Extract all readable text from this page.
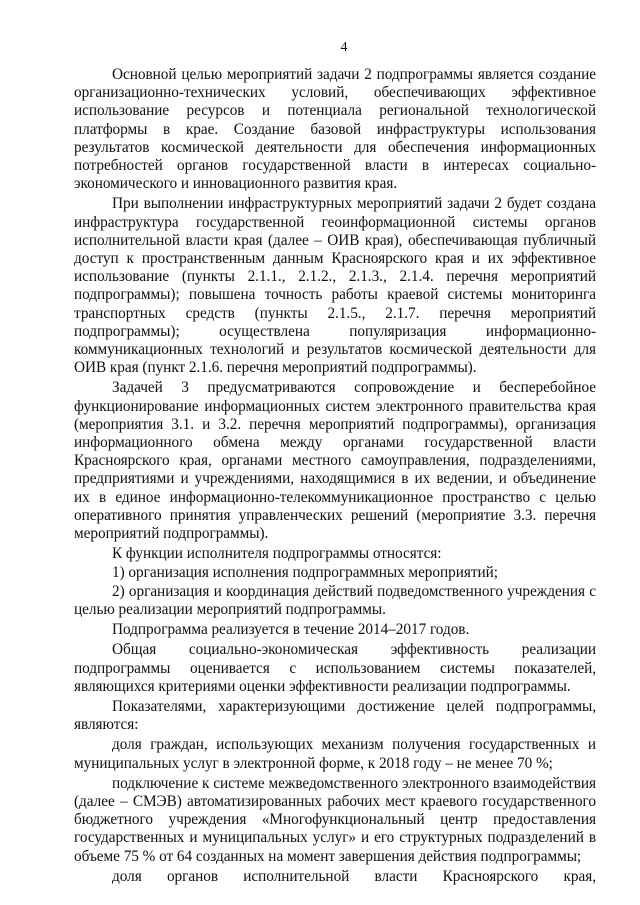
4

Основной целью мероприятий задачи 2 подпрограммы является создание организационно-технических условий, обеспечивающих эффективное использование ресурсов и потенциала региональной технологической платформы в крае. Создание базовой инфраструктуры использования результатов космической деятельности для обеспечения информационных потребностей органов государственной власти в интересах социально-экономического и инновационного развития края.

При выполнении инфраструктурных мероприятий задачи 2 будет создана инфраструктура государственной геоинформационной системы органов исполнительной власти края (далее – ОИВ края), обеспечивающая публичный доступ к пространственным данным Красноярского края и их эффективное использование (пункты 2.1.1., 2.1.2., 2.1.3., 2.1.4. перечня мероприятий подпрограммы); повышена точность работы краевой системы мониторинга транспортных средств (пункты 2.1.5., 2.1.7. перечня мероприятий подпрограммы); осуществлена популяризация информационно-коммуникационных технологий и результатов космической деятельности для ОИВ края (пункт 2.1.6. перечня мероприятий подпрограммы).

Задачей 3 предусматриваются сопровождение и бесперебойное функционирование информационных систем электронного правительства края (мероприятия 3.1. и 3.2. перечня мероприятий подпрограммы), организация информационного обмена между органами государственной власти Красноярского края, органами местного самоуправления, подразделениями, предприятиями и учреждениями, находящимися в их ведении, и объединение их в единое информационно-телекоммуникационное пространство с целью оперативного принятия управленческих решений (мероприятие 3.3. перечня мероприятий подпрограммы).

К функции исполнителя подпрограммы относятся:

1) организация исполнения подпрограммных мероприятий;

2) организация и координация действий подведомственного учреждения с целью реализации мероприятий подпрограммы.

Подпрограмма реализуется в течение 2014–2017 годов.

Общая социально-экономическая эффективность реализации подпрограммы оценивается с использованием системы показателей, являющихся критериями оценки эффективности реализации подпрограммы.

Показателями, характеризующими достижение целей подпрограммы, являются:

доля граждан, использующих механизм получения государственных и муниципальных услуг в электронной форме, к 2018 году – не менее 70 %;

подключение к системе межведомственного электронного взаимодействия (далее – СМЭВ) автоматизированных рабочих мест краевого государственного бюджетного учреждения «Многофункциональный центр предоставления государственных и муниципальных услуг» и его структурных подразделений в объеме 75 % от 64 созданных на момент завершения действия подпрограммы;

доля органов исполнительной власти Красноярского края,
